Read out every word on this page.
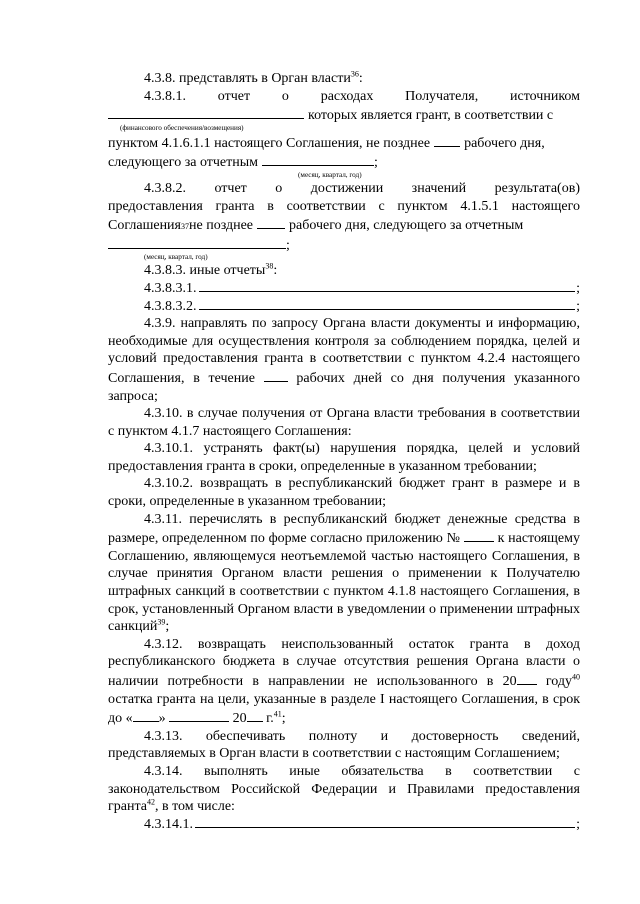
4.3.8. представлять в Орган власти$^{36}$:

4.3.8.1. отчет о расходах Получателя, источником

которых является грант, в соответствии с
(финансового обеспечения/возмещения)
пунктом 4.1.6.1.1 настоящего Соглашения, не позднее рабочего дня,
следующего за отчетным	;
(месяц, квартал, год)

4.3.8.2. отчет о достижении значений результата(ов)

предоставления гранта в соответствии с пунктом 4.1.5.1 настоящего

Соглашения 37 не позднее	рабочего дня, следующего за отчетным
;
(месяц, квартал, год)

4.3.8.3. иные отчеты$^{38}$:

4.3.8.3.1.	;
4.3.8.3.2.	;

4.3.9. направлять по запросу Органа власти документы и информацию, необходимые для осуществления контроля за соблюдением порядка, целей и условий предоставления гранта в соответствии с пунктом 4.2.4 настоящего Соглашения, в течение	рабочих дней со дня получения указанного запроса;

4.3.10. в случае получения от Органа власти требования в соответствии с пунктом 4.1.7 настоящего Соглашения:

4.3.10.1. устранять факт(ы) нарушения порядка, целей и условий предоставления гранта в сроки, определенные в указанном требовании;

4.3.10.2. возвращать в республиканский бюджет грант в размере и в сроки, определенные в указанном требовании;

4.3.11. перечислять в республиканский бюджет денежные средства в размере, определенном по форме согласно приложению №	к настоящему Соглашению, являющемуся неотъемлемой частью настоящего Соглашения, в случае принятия Органом власти решения о применении к Получателю штрафных санкций в соответствии с пунктом 4.1.8 настоящего Соглашения, в срок, установленный Органом власти в уведомлении о применении штрафных санкций$^{39}$;

4.3.12. возвращать неиспользованный остаток гранта в доход республиканского бюджета в случае отсутствия решения Органа власти о наличии потребности в направлении не использованного в 20 году$^{40}$ остатка гранта на цели, указанные в разделе I настоящего Соглашения, в срок до « »	20 г.$^{41}$;

4.3.13. обеспечивать полноту и достоверность сведений, представляемых в Орган власти в соответствии с настоящим Соглашением;

4.3.14. выполнять иные обязательства в соответствии с законодательством Российской Федерации и Правилами предоставления гранта$^{42}$, в том числе:

4.3.14.1.	;
